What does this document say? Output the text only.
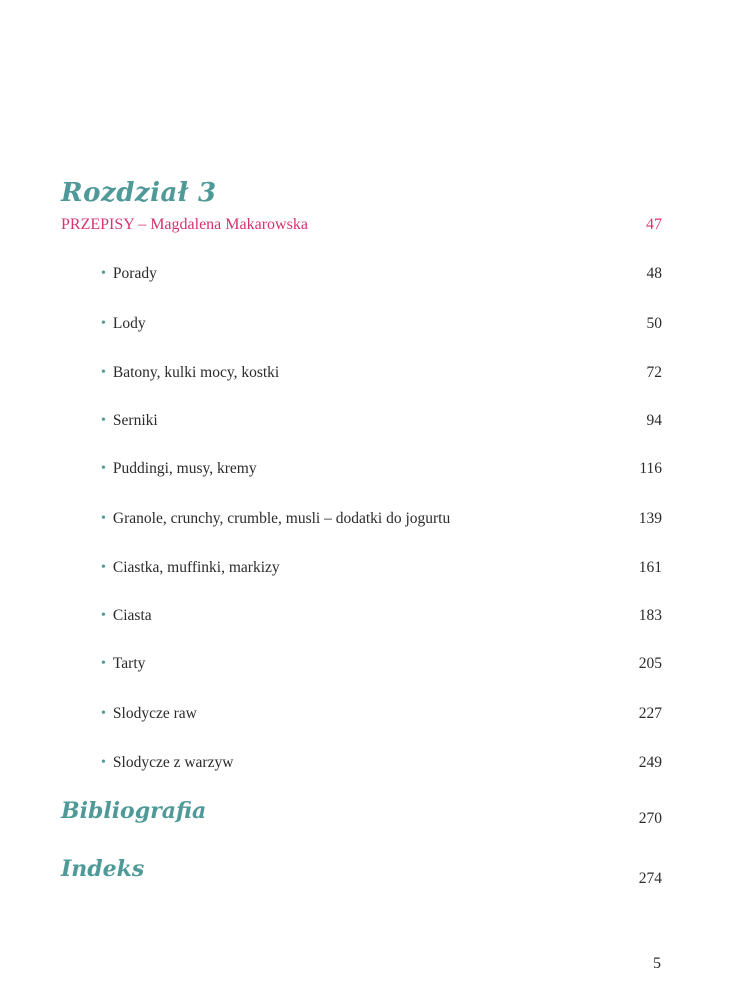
Rozdział 3
PRZEPISY – Magdalena Makarowska	47
• Porady	48
• Lody	50
• Batony, kulki mocy, kostki	72
• Serniki	94
• Puddingi, musy, kremy	116
• Granole, crunchy, crumble, musli – dodatki do jogurtu	139
• Ciastka, muffinki, markizy	161
• Ciasta	183
• Tarty	205
• Slodycze raw	227
• Slodycze z warzyw	249
Bibliografia	270
Indeks	274
5
